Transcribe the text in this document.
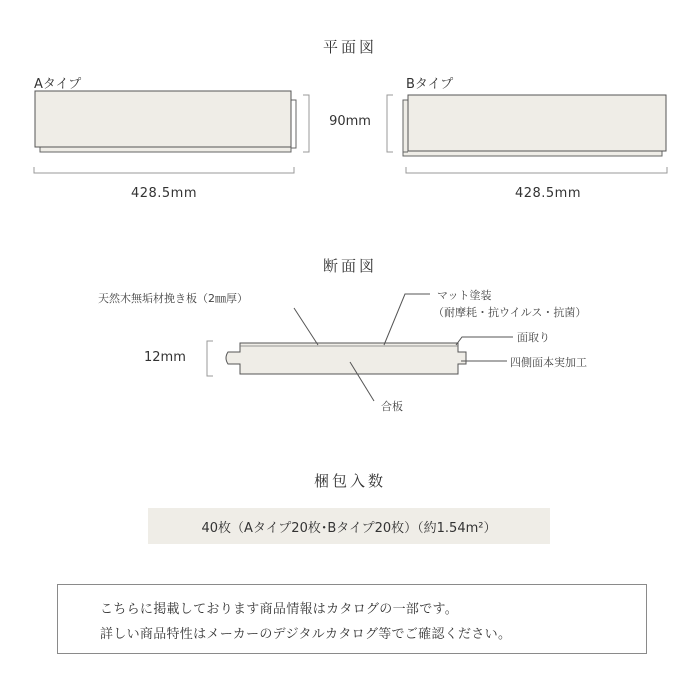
平面図
Aタイプ	Bタイプ
90mm
428.5mm	428.5mm
断面図
天然木無垢材挽き板（2㎜厚）	マット塗装
（耐摩耗・抗ウイルス・抗菌）
面取り
四側面本実加工
合板
12mm
梱包入数
40枚（Aタイプ20枚･Bタイプ20枚）（約1.54m²）
こちらに掲載しております商品情報はカタログの一部です。
詳しい商品特性はメーカーのデジタルカタログ等でご確認ください。
